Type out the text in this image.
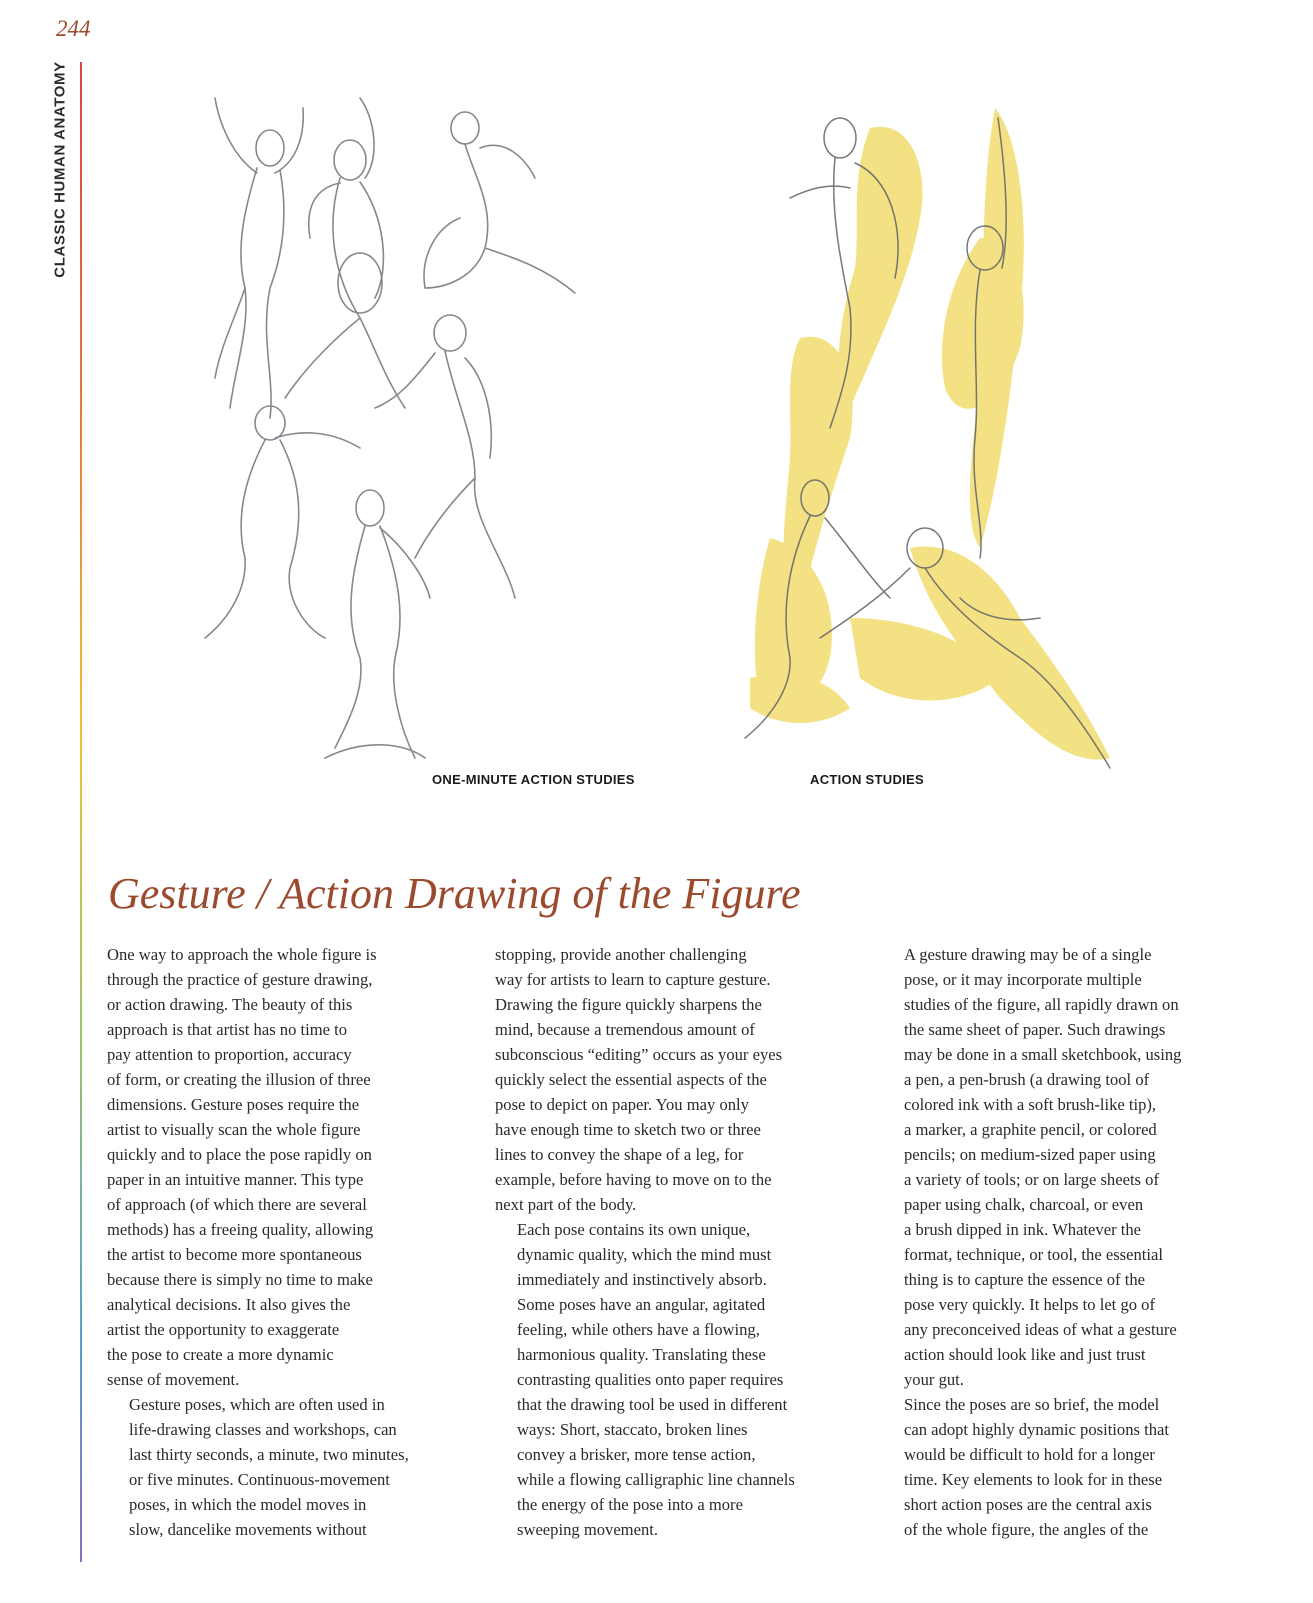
244
CLASSIC HUMAN ANATOMY
ONE-MINUTE ACTION STUDIES	ACTION STUDIES
Gesture / Action Drawing of the Figure

One way to approach the whole figure is
through the practice of gesture drawing,
or action drawing. The beauty of this
approach is that artist has no time to
pay attention to proportion, accuracy
of form, or creating the illusion of three
dimensions. Gesture poses require the
artist to visually scan the whole figure
quickly and to place the pose rapidly on
paper in an intuitive manner. This type
of approach (of which there are several
methods) has a freeing quality, allowing
the artist to become more spontaneous
because there is simply no time to make
analytical decisions. It also gives the
artist the opportunity to exaggerate
the pose to create a more dynamic
sense of movement.

Gesture poses, which are often used in
life-drawing classes and workshops, can
last thirty seconds, a minute, two minutes,
or five minutes. Continuous-movement
poses, in which the model moves in
slow, dancelike movements without

stopping, provide another challenging
way for artists to learn to capture gesture.
Drawing the figure quickly sharpens the
mind, because a tremendous amount of
subconscious “editing” occurs as your eyes
quickly select the essential aspects of the
pose to depict on paper. You may only
have enough time to sketch two or three
lines to convey the shape of a leg, for
example, before having to move on to the
next part of the body.

Each pose contains its own unique,
dynamic quality, which the mind must
immediately and instinctively absorb.
Some poses have an angular, agitated
feeling, while others have a flowing,
harmonious quality. Translating these
contrasting qualities onto paper requires
that the drawing tool be used in different
ways: Short, staccato, broken lines
convey a brisker, more tense action,
while a flowing calligraphic line channels
the energy of the pose into a more
sweeping movement.

A gesture drawing may be of a single
pose, or it may incorporate multiple
studies of the figure, all rapidly drawn on
the same sheet of paper. Such drawings
may be done in a small sketchbook, using
a pen, a pen-brush (a drawing tool of
colored ink with a soft brush-like tip),
a marker, a graphite pencil, or colored
pencils; on medium-sized paper using
a variety of tools; or on large sheets of
paper using chalk, charcoal, or even
a brush dipped in ink. Whatever the
format, technique, or tool, the essential
thing is to capture the essence of the
pose very quickly. It helps to let go of
any preconceived ideas of what a gesture
action should look like and just trust
your gut.

Since the poses are so brief, the model
can adopt highly dynamic positions that
would be difficult to hold for a longer
time. Key elements to look for in these
short action poses are the central axis
of the whole figure, the angles of the
